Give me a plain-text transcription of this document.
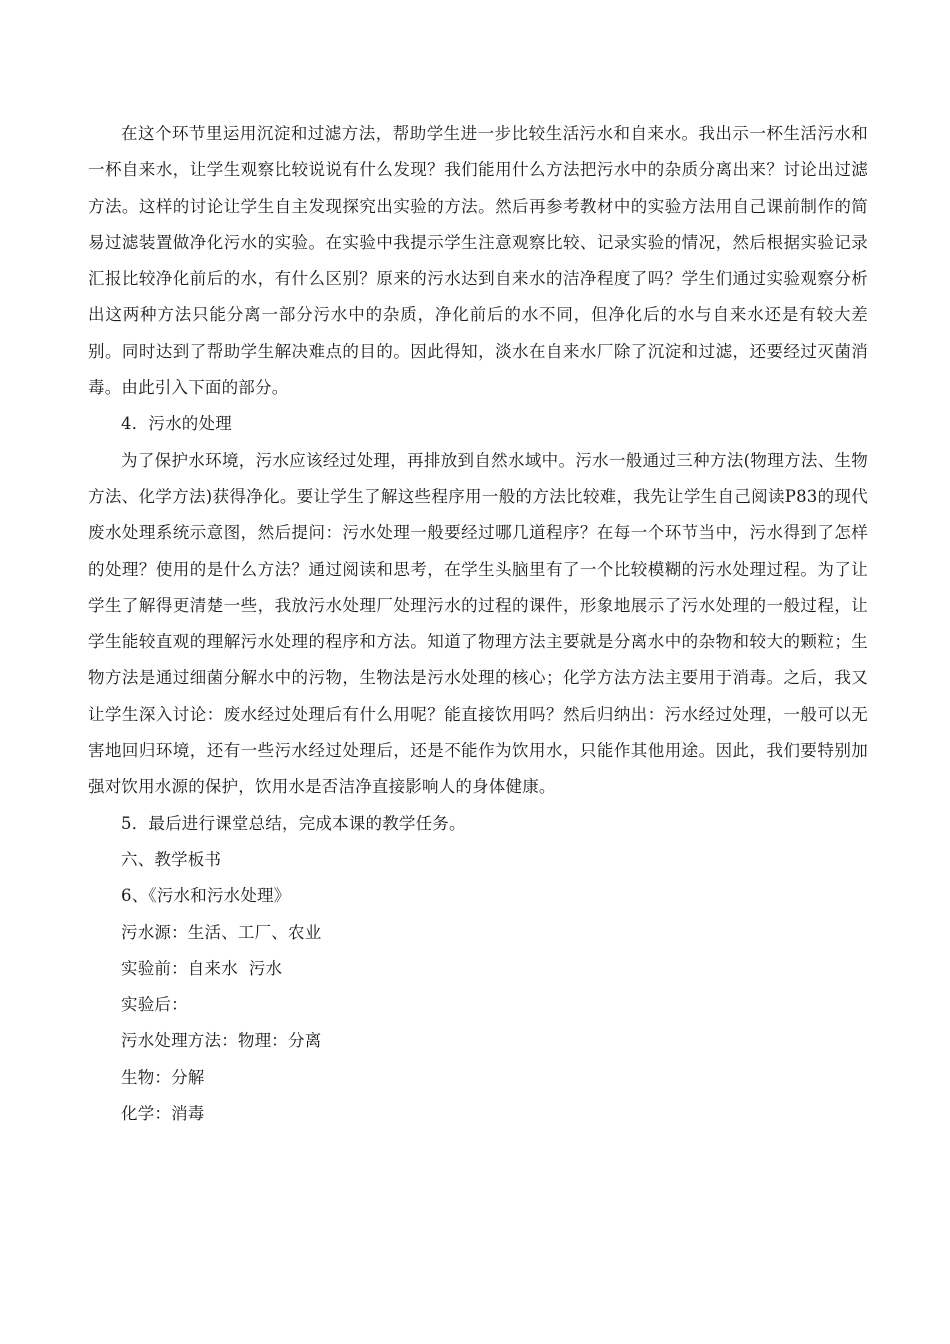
在这个环节里运用沉淀和过滤方法，帮助学生进一步比较生活污水和自来水。我出示一杯生活污水和一杯自来水，让学生观察比较说说有什么发现？我们能用什么方法把污水中的杂质分离出来？讨论出过滤方法。这样的讨论让学生自主发现探究出实验的方法。然后再参考教材中的实验方法用自己课前制作的简易过滤装置做净化污水的实验。在实验中我提示学生注意观察比较、记录实验的情况，然后根据实验记录汇报比较净化前后的水，有什么区别？原来的污水达到自来水的洁净程度了吗？学生们通过实验观察分析出这两种方法只能分离一部分污水中的杂质，净化前后的水不同，但净化后的水与自来水还是有较大差别。同时达到了帮助学生解决难点的目的。因此得知，淡水在自来水厂除了沉淀和过滤，还要经过灭菌消毒。由此引入下面的部分。

4．污水的处理

为了保护水环境，污水应该经过处理，再排放到自然水域中。污水一般通过三种方法(物理方法、生物方法、化学方法)获得净化。要让学生了解这些程序用一般的方法比较难，我先让学生自己阅读P83的现代废水处理系统示意图，然后提问：污水处理一般要经过哪几道程序？在每一个环节当中，污水得到了怎样的处理？使用的是什么方法？通过阅读和思考，在学生头脑里有了一个比较模糊的污水处理过程。为了让学生了解得更清楚一些，我放污水处理厂处理污水的过程的课件，形象地展示了污水处理的一般过程，让学生能较直观的理解污水处理的程序和方法。知道了物理方法主要就是分离水中的杂物和较大的颗粒；生物方法是通过细菌分解水中的污物，生物法是污水处理的核心；化学方法方法主要用于消毒。之后，我又让学生深入讨论：废水经过处理后有什么用呢？能直接饮用吗？然后归纳出：污水经过处理，一般可以无害地回归环境，还有一些污水经过处理后，还是不能作为饮用水，只能作其他用途。因此，我们要特别加强对饮用水源的保护，饮用水是否洁净直接影响人的身体健康。

5．最后进行课堂总结，完成本课的教学任务。

六、教学板书

6、《污水和污水处理》

污水源：生活、工厂、农业

实验前：自来水  污水

实验后：

污水处理方法：物理：分离

生物：分解

化学：消毒
